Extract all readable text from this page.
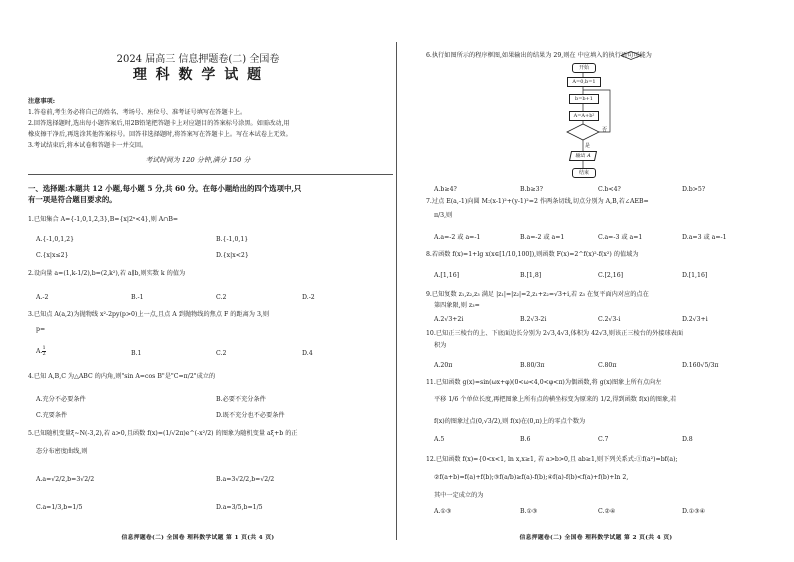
2024 届高三 信息押题卷(二) 全国卷
理 科 数 学 试 题
注意事项:
1.答卷前,考生务必将自己的姓名、考场号、座位号、准考证号填写在答题卡上。
2.回答选择题时,选出每小题答案后,用2B铅笔把答题卡上对应题目的答案标号涂黑。如需改动,用
橡皮擦干净后,再选涂其他答案标号。回答非选择题时,将答案写在答题卡上。写在本试卷上无效。
3.考试结束后,将本试卷和答题卡一并交回。
考试时间为 120 分钟,满分 150 分
一、选择题:本题共 12 小题,每小题 5 分,共 60 分。在每小题给出的四个选项中,只
有一项是符合题目要求的。
1.已知集合 A={-1,0,1,2,3},B={x|2ˣ<4},则 A∩B=
A.{-1,0,1,2}	B.{-1,0,1}
C.{x|x≤2}	D.{x|x<2}
2.设向量 a=(1,k-1/2),b=(2,k²),若 a∥b,则实数 k 的值为
A.-2	B.-1	C.2	D.-2
3.已知点 A(a,2)为抛物线 x²-2py(p>0)上一点,且点 A 到抛物线的焦点 F 的距离为 3,则
p=
A. $\frac{1}{2}$	B.1	C.2	D.4
4.已知 A,B,C 为△ABC 的内角,则"sin A=cos B"是"C=π/2"成立的
A.充分不必要条件	B.必要不充分条件
C.充要条件	D.既不充分也不必要条件
5.已知随机变量ξ~N(-3,2),若 a>0,且函数 f(x)=(1/√2π)e^(-x²/2) 的图象为随机变量 aξ+b 的正
态分布密度曲线,则
A.a=√2/2,b=3√2/2	B.a=3√2/2,b=√2/2
C.a=1/3,b=1/5	D.a=3/5,b=1/5
信息押题卷(二) 全国卷 理科数学试题 第 1 页(共 4 页)
6.执行如图所示的程序框图,如果输出的结果为 29,则在 中应填入的执行语句可能为
开始
A=0,b=1
b=b+1
A=A+b²
否
是
输出 A
结束
A.b≥4?	B.b≥3?	C.b<4?	D.b>5?
7.过点 E(a,-1)向圆 M:(x-1)²+(y-1)²=2 作两条切线,切点分别为 A,B,若∠AEB=
π/3,则
A.a=-2 或 a=-1	B.a=-2 或 a=1	C.a=-3 或 a=1	D.a=3 或 a=-1
8.若函数 f(x)=1+lg x(x∈[1/10,100]),则函数 F(x)=2^f(x)²-f(x²) 的值域为
A.[1,16]	B.[1,8]	C.[2,16]	D.[1,16]
9.已知复数 z₁,z₂,z₃ 满足 |z₁|=|z₂|=2,z₁+z₂=√3+i,若 z₃ 在复平面内对应的点在
第四象限,则 z₃=
A.2√3+2i	B.2√3-2i	C.2√3-i	D.2√3+i
10.已知正三棱台的上、下底面边长分别为 2√3,4√3,体积为 42√3,则该正三棱台的外接球表面
积为
A.20π	B.80/3π	C.80π	D.160√5/3π
11.已知函数 g(x)=sin(ωx+φ)(0<ω<4,0<φ<π)为偶函数,将 g(x)图象上所有点向左
平移 1/6 个单位长度,再把图象上所有点的横坐标变为原来的 1/2,得到函数 f(x)的图象,若
f(x)的图象过点(0,√3/2),则 f(x)在(0,π)上的零点个数为
A.5	B.6	C.7	D.8
12.已知函数 f(x)={0<x<1, ln x,x≥1, 若 a>b>0,且 ab≥1,则下列关系式:①f(a²)=bf(a);
②f(a+b)=f(a)+f(b);③f(a/b)≥f(a)-f(b);④f(a)-f(b)<f(a)+f(b)+ln 2,
其中一定成立的为
A.①③	B.①③	C.②④	D.①③④
信息押题卷(二) 全国卷 理科数学试题 第 2 页(共 4 页)
